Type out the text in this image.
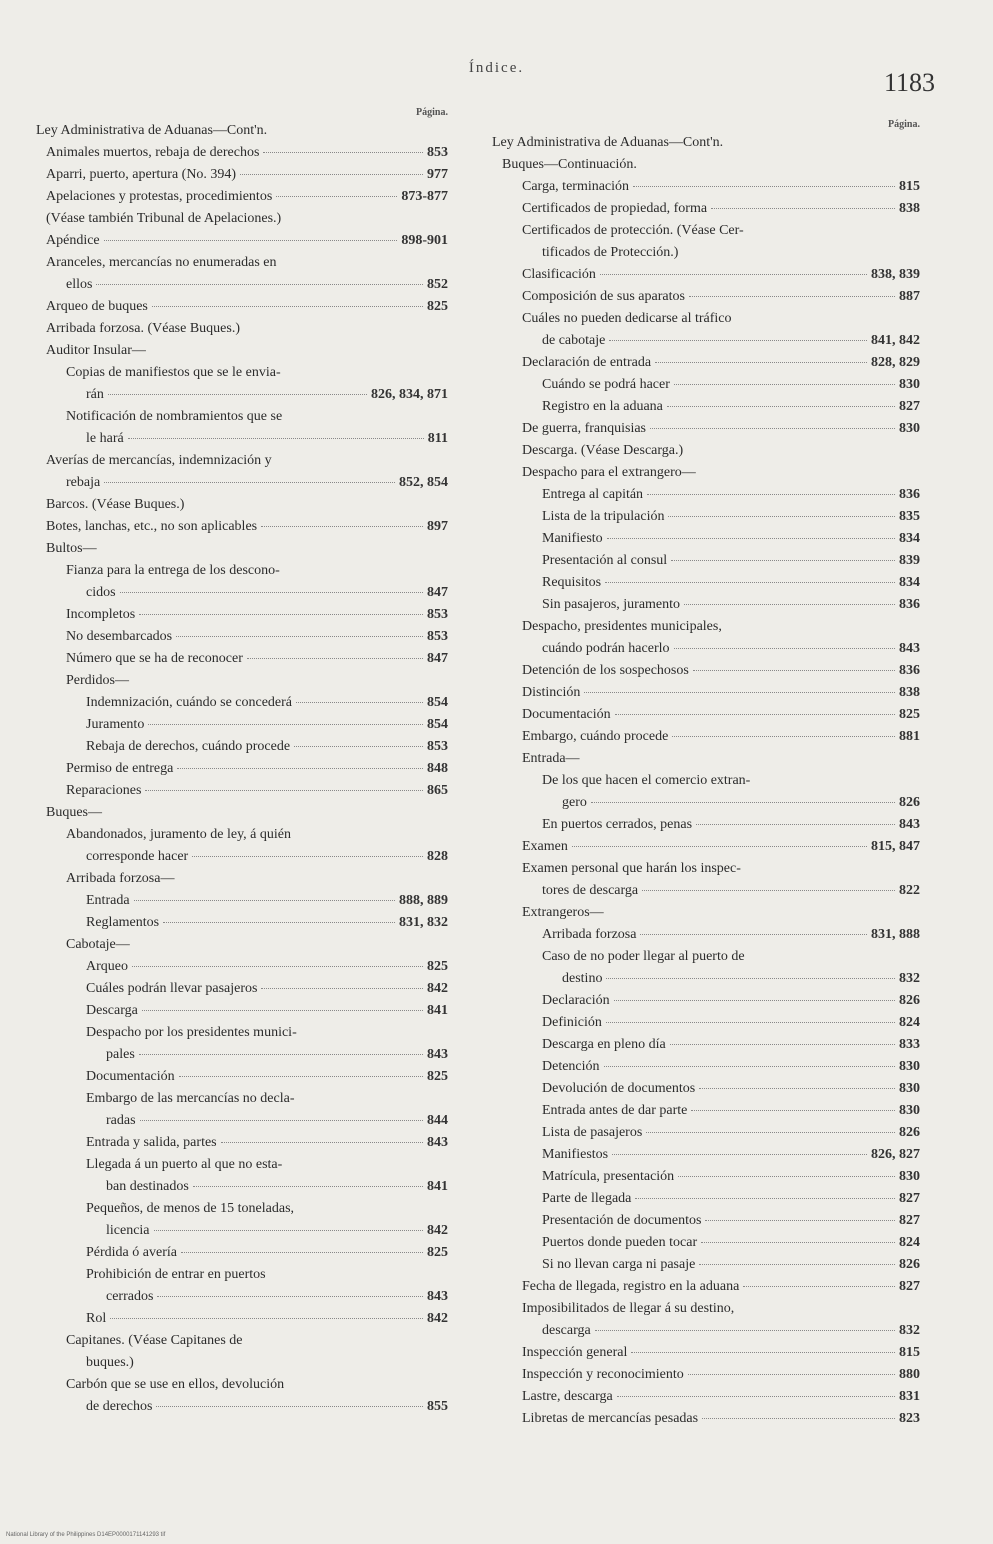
Índice.	1183
Página.
Ley Administrativa de Aduanas—Cont'n.
Animales muertos, rebaja de derechos	853
Aparri, puerto, apertura (No. 394)	977
Apelaciones y protestas, procedimientos	873-877
(Véase también Tribunal de Apelaciones.)
Apéndice	898-901
Aranceles, mercancías no enumeradas en
ellos	852
Arqueo de buques	825
Arribada forzosa. (Véase Buques.)
Auditor Insular—
Copias de manifiestos que se le envia-
rán	826, 834, 871
Notificación de nombramientos que se
le hará	811
Averías de mercancías, indemnización y
rebaja	852, 854
Barcos. (Véase Buques.)
Botes, lanchas, etc., no son aplicables	897
Bultos—
Fianza para la entrega de los descono-
cidos	847
Incompletos	853
No desembarcados	853
Número que se ha de reconocer	847
Perdidos—
Indemnización, cuándo se concederá	854
Juramento	854
Rebaja de derechos, cuándo procede	853
Permiso de entrega	848
Reparaciones	865
Buques—
Abandonados, juramento de ley, á quién
corresponde hacer	828
Arribada forzosa—
Entrada	888, 889
Reglamentos	831, 832
Cabotaje—
Arqueo	825
Cuáles podrán llevar pasajeros	842
Descarga	841
Despacho por los presidentes munici-
pales	843
Documentación	825
Embargo de las mercancías no decla-
radas	844
Entrada y salida, partes	843
Llegada á un puerto al que no esta-
ban destinados	841
Pequeños, de menos de 15 toneladas,
licencia	842
Pérdida ó avería	825
Prohibición de entrar en puertos
cerrados	843
Rol	842
Capitanes. (Véase Capitanes de
buques.)
Carbón que se use en ellos, devolución
de derechos	855
Página.
Ley Administrativa de Aduanas—Cont'n.
Buques—Continuación.
Carga, terminación	815
Certificados de propiedad, forma	838
Certificados de protección. (Véase Cer-
tificados de Protección.)
Clasificación	838, 839
Composición de sus aparatos	887
Cuáles no pueden dedicarse al tráfico
de cabotaje	841, 842
Declaración de entrada	828, 829
Cuándo se podrá hacer	830
Registro en la aduana	827
De guerra, franquisias	830
Descarga. (Véase Descarga.)
Despacho para el extrangero—
Entrega al capitán	836
Lista de la tripulación	835
Manifiesto	834
Presentación al consul	839
Requisitos	834
Sin pasajeros, juramento	836
Despacho, presidentes municipales,
cuándo podrán hacerlo	843
Detención de los sospechosos	836
Distinción	838
Documentación	825
Embargo, cuándo procede	881
Entrada—
De los que hacen el comercio extran-
gero	826
En puertos cerrados, penas	843
Examen	815, 847
Examen personal que harán los inspec-
tores de descarga	822
Extrangeros—
Arribada forzosa	831, 888
Caso de no poder llegar al puerto de
destino	832
Declaración	826
Definición	824
Descarga en pleno día	833
Detención	830
Devolución de documentos	830
Entrada antes de dar parte	830
Lista de pasajeros	826
Manifiestos	826, 827
Matrícula, presentación	830
Parte de llegada	827
Presentación de documentos	827
Puertos donde pueden tocar	824
Si no llevan carga ni pasaje	826
Fecha de llegada, registro en la aduana	827
Imposibilitados de llegar á su destino,
descarga	832
Inspección general	815
Inspección y reconocimiento	880
Lastre, descarga	831
Libretas de mercancías pesadas	823
National Library of the Philippines D14EP0000171141293 tif
